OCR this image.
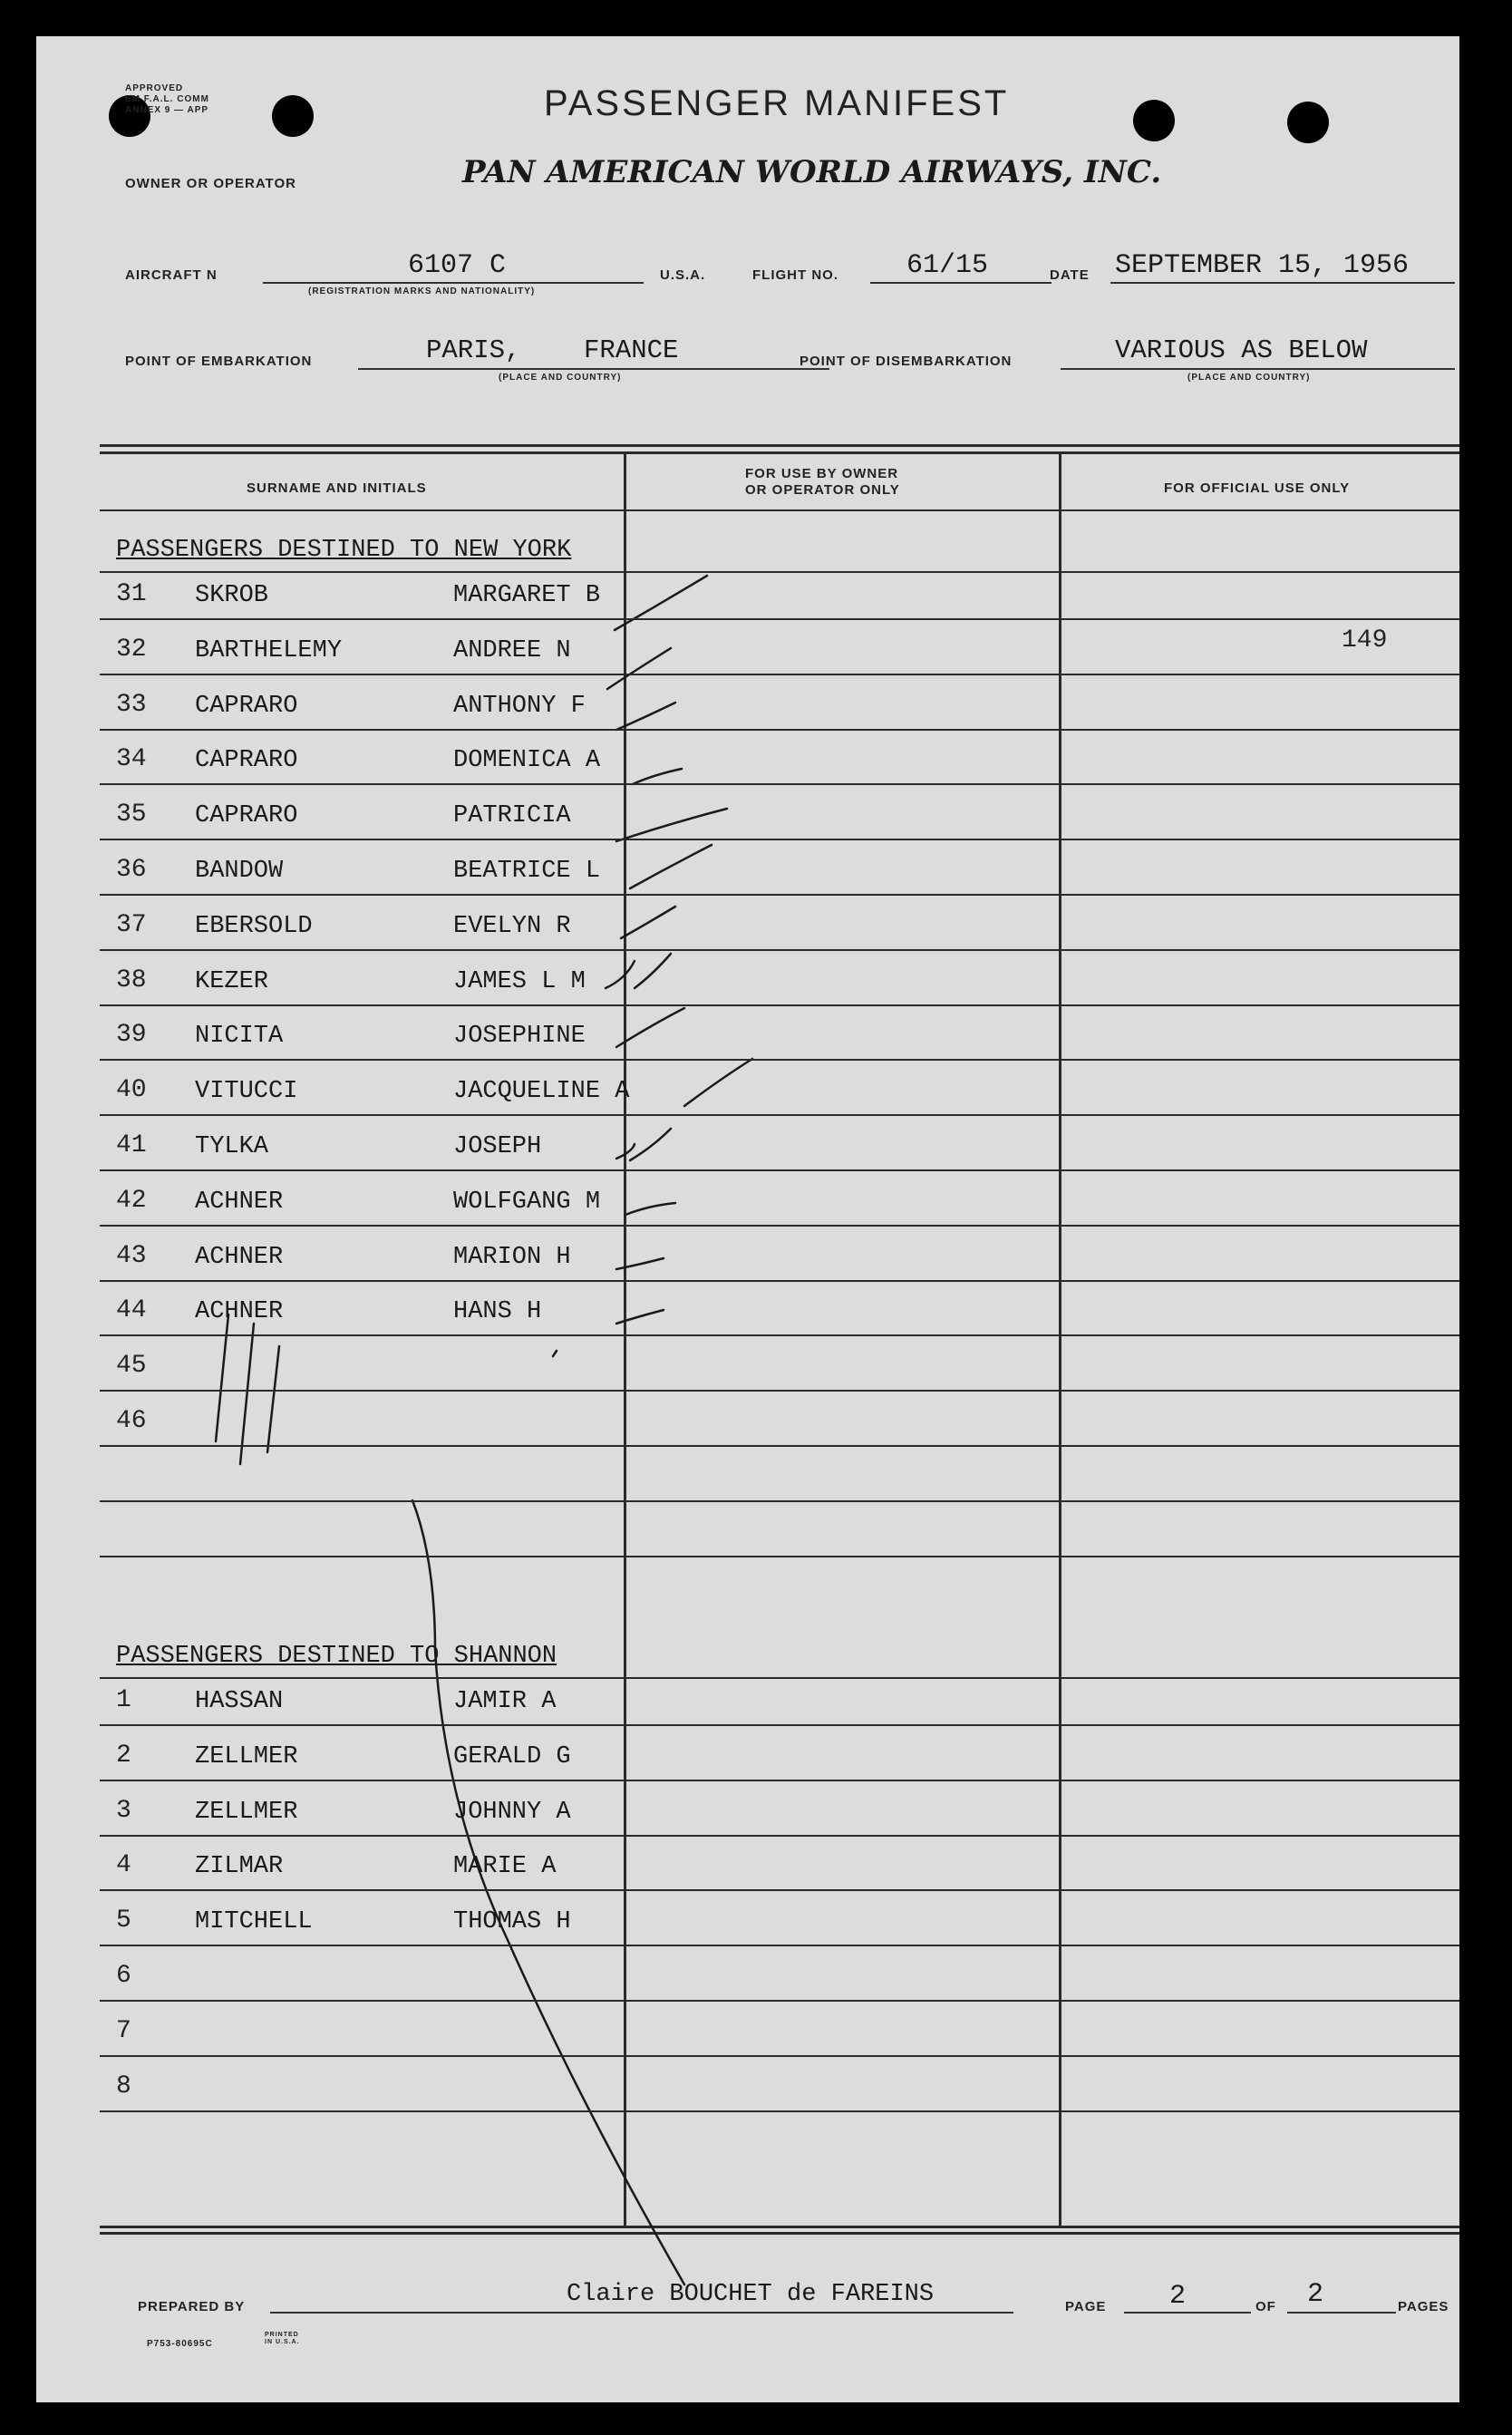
APPROVED
EM F.A.L. COMM
ANNEX 9 — APP	PASSENGER MANIFEST
OWNER OR OPERATOR	PAN AMERICAN WORLD AIRWAYS, INC.
AIRCRAFT N	6107 C
(REGISTRATION MARKS AND NATIONALITY)
U.S.A.	FLIGHT NO.	61/15	DATE SEPTEMBER 15, 1956
POINT OF EMBARKATION	PARIS,    FRANCE
(PLACE AND COUNTRY)
POINT OF DISEMBARKATION	VARIOUS AS BELOW
(PLACE AND COUNTRY)
SURNAME AND INITIALS
FOR USE BY OWNER
OR OPERATOR ONLY	FOR OFFICIAL USE ONLY
PASSENGERS DESTINED TO NEW YORK
PASSENGERS DESTINED TO SHANNON
PREPARED BY	Claire BOUCHET de FAREINS	PAGE 2	OF 2	PAGES
P753-80695C
PRINTED IN U.S.A.
31 SKROB	MARGARET B
32 BARTHELEMY	ANDREE N	149
33 CAPRARO	ANTHONY F
34 CAPRARO	DOMENICA A
35 CAPRARO	PATRICIA
36 BANDOW	BEATRICE L
37 EBERSOLD	EVELYN R
38 KEZER	JAMES L M
39 NICITA	JOSEPHINE
40 VITUCCI	JACQUELINE A
41 TYLKA	JOSEPH
42 ACHNER	WOLFGANG M
43 ACHNER	MARION H
44 ACHNER	HANS H
45
46
1	HASSAN	JAMIR A
2	ZELLMER	GERALD G
3	ZELLMER	JOHNNY A
4	ZILMAR	MARIE A
5	MITCHELL	THOMAS H
6
7
8
